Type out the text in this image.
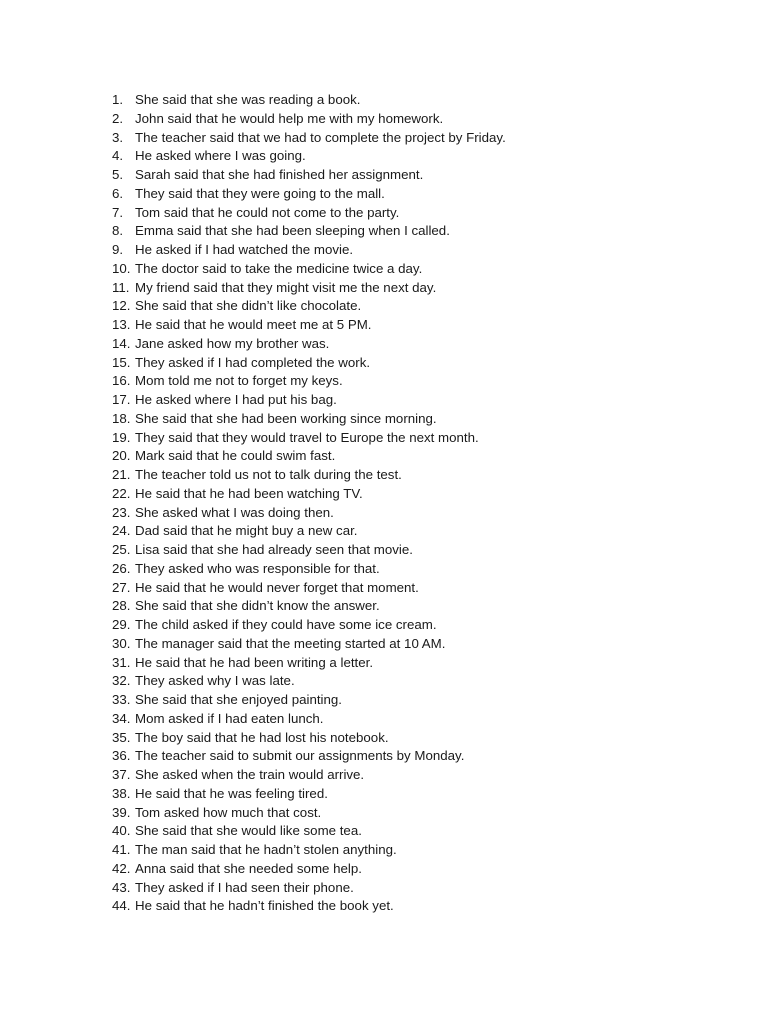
1. She said that she was reading a book.
2. John said that he would help me with my homework.
3. The teacher said that we had to complete the project by Friday.
4. He asked where I was going.
5. Sarah said that she had finished her assignment.
6. They said that they were going to the mall.
7. Tom said that he could not come to the party.
8. Emma said that she had been sleeping when I called.
9. He asked if I had watched the movie.
10. The doctor said to take the medicine twice a day.
11. My friend said that they might visit me the next day.
12. She said that she didn’t like chocolate.
13. He said that he would meet me at 5 PM.
14. Jane asked how my brother was.
15. They asked if I had completed the work.
16. Mom told me not to forget my keys.
17. He asked where I had put his bag.
18. She said that she had been working since morning.
19. They said that they would travel to Europe the next month.
20. Mark said that he could swim fast.
21. The teacher told us not to talk during the test.
22. He said that he had been watching TV.
23. She asked what I was doing then.
24. Dad said that he might buy a new car.
25. Lisa said that she had already seen that movie.
26. They asked who was responsible for that.
27. He said that he would never forget that moment.
28. She said that she didn’t know the answer.
29. The child asked if they could have some ice cream.
30. The manager said that the meeting started at 10 AM.
31. He said that he had been writing a letter.
32. They asked why I was late.
33. She said that she enjoyed painting.
34. Mom asked if I had eaten lunch.
35. The boy said that he had lost his notebook.
36. The teacher said to submit our assignments by Monday.
37. She asked when the train would arrive.
38. He said that he was feeling tired.
39. Tom asked how much that cost.
40. She said that she would like some tea.
41. The man said that he hadn’t stolen anything.
42. Anna said that she needed some help.
43. They asked if I had seen their phone.
44. He said that he hadn’t finished the book yet.
